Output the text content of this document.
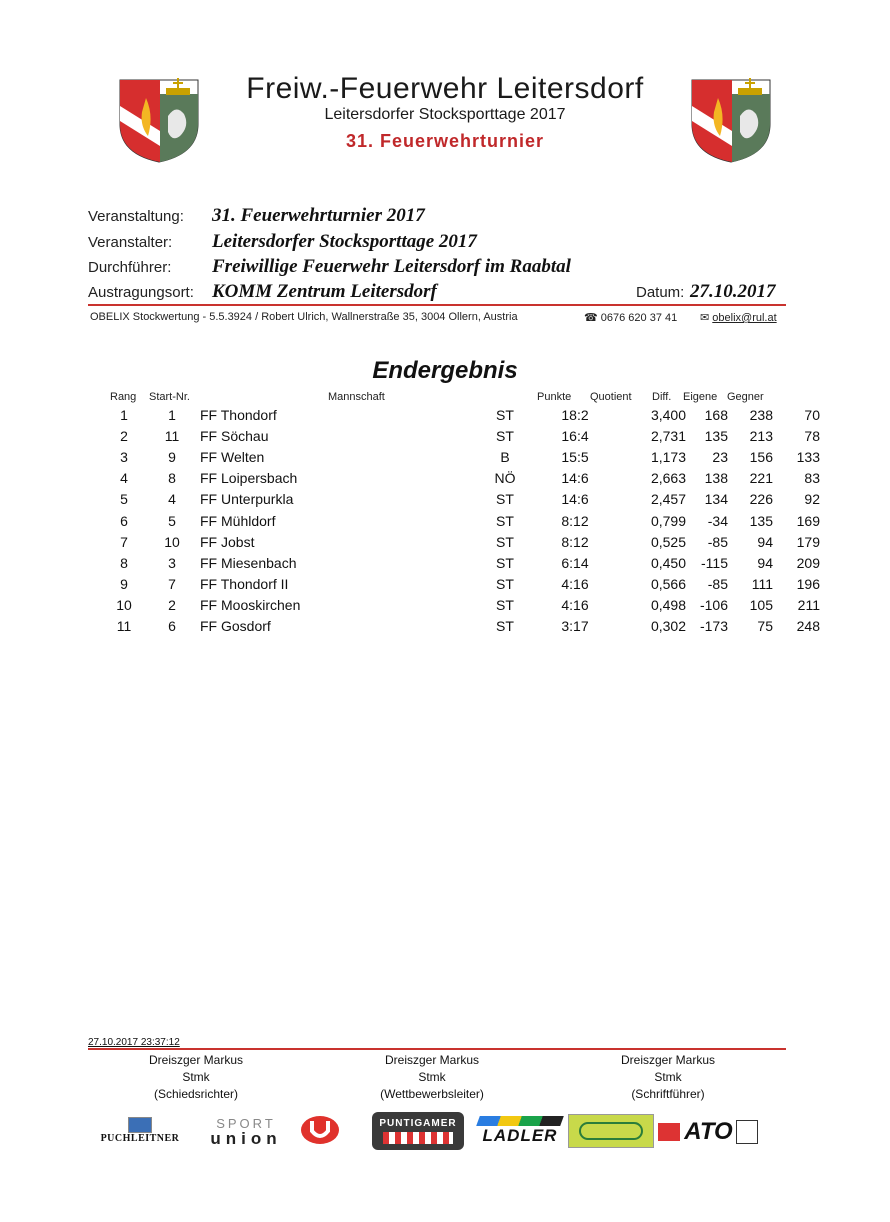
Freiw.-Feuerwehr Leitersdorf
Leitersdorfer Stocksporttage 2017
31. Feuerwehrturnier
Veranstaltung: 31. Feuerwehrturnier 2017
Veranstalter: Leitersdorfer Stocksporttage 2017
Durchführer: Freiwillige Feuerwehr Leitersdorf im Raabtal
Austragungsort: KOMM Zentrum Leitersdorf	Datum: 27.10.2017
OBELIX Stockwertung - 5.5.3924 / Robert Ulrich, Wallnerstraße 35, 3004 Ollern, Austria	☎ 0676 620 37 41 ✉ obelix@rul.at
Endergebnis
Rang Start-Nr.	Mannschaft	Punkte Quotient Diff. Eigene Gegner
1	1	FF Thondorf	ST	18:2	3,400	168	238	70
2	11	FF Söchau	ST	16:4	2,731	135	213	78
3	9	FF Welten	B	15:5	1,173	23	156	133
4	8	FF Loipersbach	NÖ	14:6	2,663	138	221	83
5	4	FF Unterpurkla	ST	14:6	2,457	134	226	92
6	5	FF Mühldorf	ST	8:12	0,799	-34	135	169
7	10	FF Jobst	ST	8:12	0,525	-85	94	179
8	3	FF Miesenbach	ST	6:14	0,450	-115	94	209
9	7	FF Thondorf II	ST	4:16	0,566	-85	111	196
10	2	FF Mooskirchen	ST	4:16	0,498	-106	105	211
11	6	FF Gosdorf	ST	3:17	0,302	-173	75	248
27.10.2017 23:37:12
Dreiszger Markus
Stmk
(Schiedsrichter)
Dreiszger Markus
Stmk
(Wettbewerbsleiter)
Dreiszger Markus
Stmk
(Schriftführer)
PUCHLEITNER
SPORT
union
PUNTIGAMER
LADLER	ATO
